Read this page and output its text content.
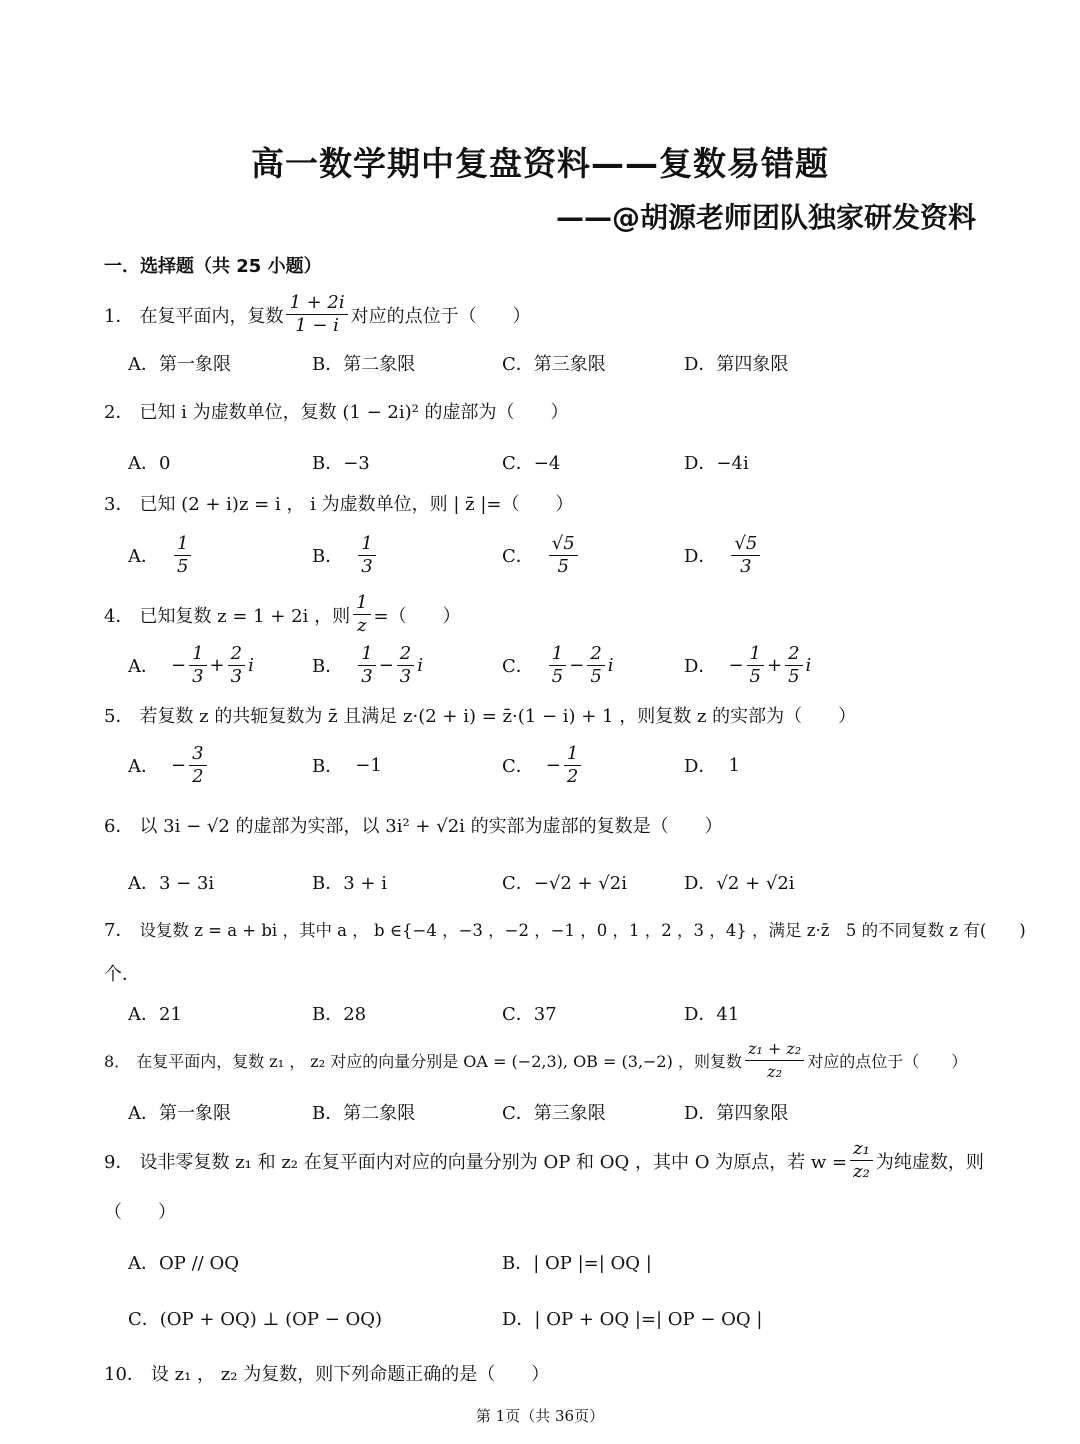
高一数学期中复盘资料——复数易错题
——@胡源老师团队独家研发资料
一．选择题（共 25 小题）
1． 在复平面内，复数 $\frac{1 + 2i}{1 - i}$ 对应的点位于（　　）
A．第一象限	B．第二象限	C．第三象限	D．第四象限
2． 已知 i 为虚数单位，复数 (1 − 2i)² 的虚部为（　　）
A．0	B．−3	C．−4	D．−4i
3． 已知 (2 + i)z = i ， i 为虚数单位，则 | z̄ |=（　　）
A． $\frac{1}{5}$	B． $\frac{1}{3}$	C． $\frac{√5}{5}$	D． $\frac{√5}{3}$
4． 已知复数 z = 1 + 2i ，则 $\frac{1}{z}$ =（　　）
A． − $\frac{1}{3} + \frac{2}{3}$ i	B． $\frac{1}{3} - \frac{2}{3}$ i	C． $\frac{1}{5} - \frac{2}{5}$ i	D． − $\frac{1}{5} + \frac{2}{5}$ i
5． 若复数 z 的共轭复数为 z̄ 且满足 z·(2 + i) = z̄·(1 − i) + 1 ，则复数 z 的实部为（　　）
A． − $\frac{3}{2}$	B． −1	C． − $\frac{1}{2}$	D． 1
6． 以 3i − √2 的虚部为实部，以 3i² + √2i 的实部为虚部的复数是（　　）
A．3 − 3i	B．3 + i	C．−√2 + √2i	D．√2 + √2i
7． 设复数 z = a + bi ，其中 a ， b ∈{−4 ，−3 ，−2 ，−1 ，0 ，1 ，2 ，3 ，4} ，满足 z·z̄　5 的不同复数 z 有(　　)
个．
A．21	B．28	C．37	D．41
8． 在复平面内，复数 z₁ ， z₂ 对应的向量分别是 OA = (−2,3), OB = (3,−2) ，则复数 $\frac{\text{z₁ + z₂}}{\text{z₂}}$ 对应的点位于（　　）
A．第一象限	B．第二象限	C．第三象限	D．第四象限
9． 设非零复数 z₁ 和 z₂ 在复平面内对应的向量分别为 OP 和 OQ ，其中 O 为原点，若 $w = \frac{\text{z₁}}{\text{z₂}}$ 为纯虚数，则
（　　）
A．OP // OQ	B．| OP |=| OQ |
C．(OP + OQ) ⊥ (OP − OQ)	D．| OP + OQ |=| OP − OQ |
10． 设 z₁ ， z₂ 为复数，则下列命题正确的是（　　）
第 1页（共 36页）
